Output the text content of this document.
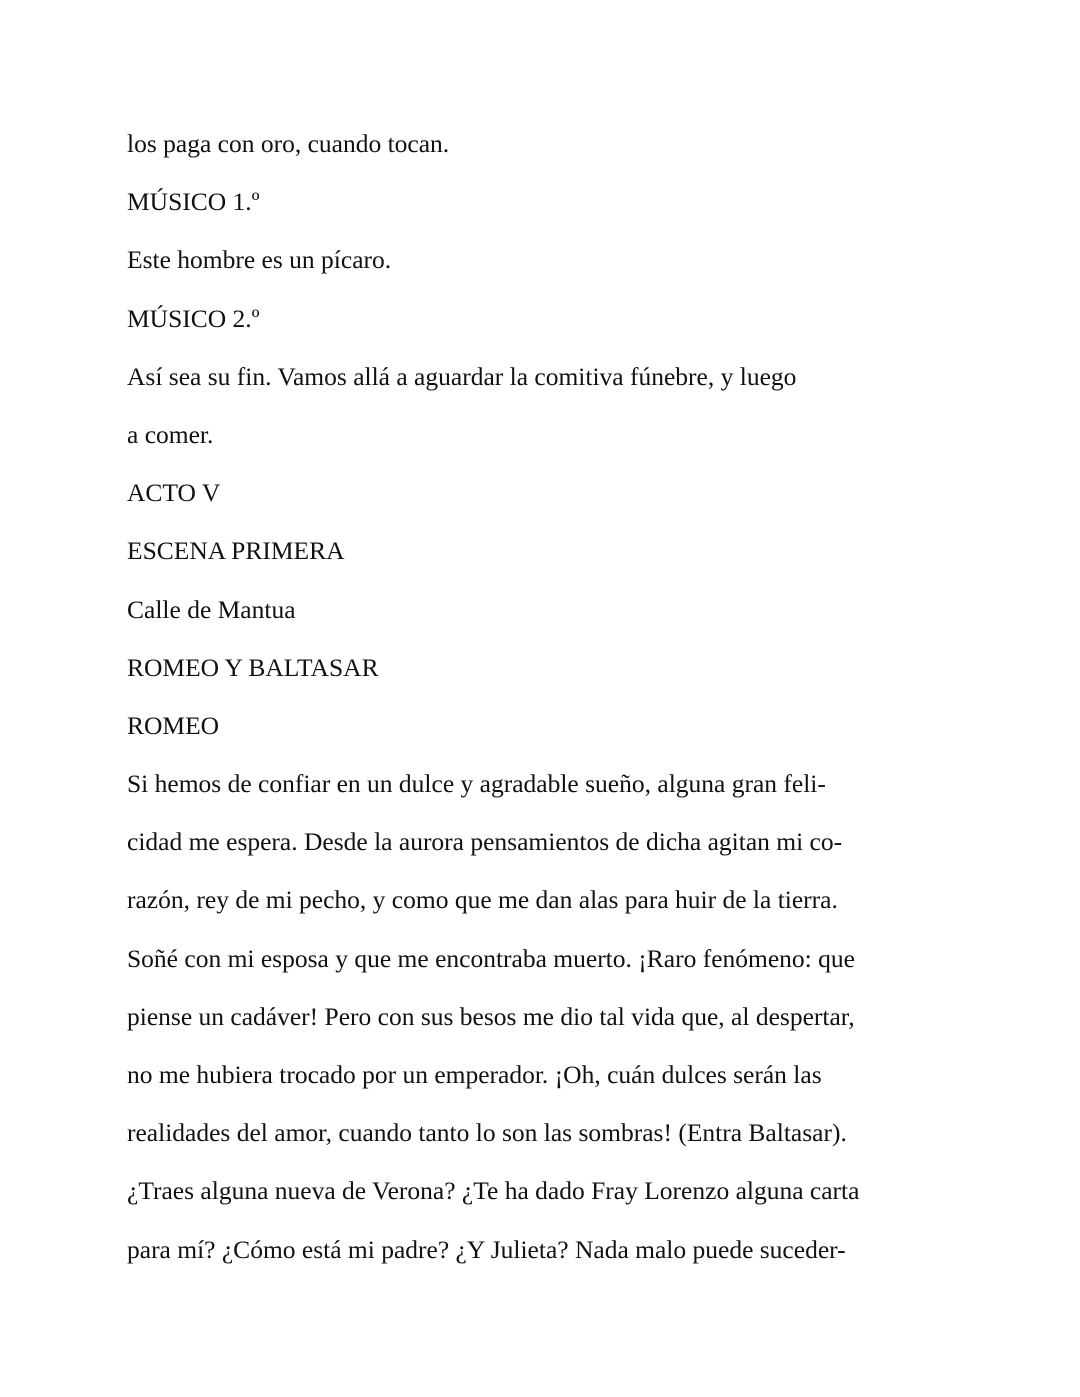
los paga con oro, cuando tocan.
MÚSICO 1.º
Este hombre es un pícaro.
MÚSICO 2.º
Así sea su fin. Vamos allá a aguardar la comitiva fúnebre, y luego
a comer.
ACTO V
ESCENA PRIMERA
Calle de Mantua
ROMEO Y BALTASAR
ROMEO
Si hemos de confiar en un dulce y agradable sueño, alguna gran feli-
cidad me espera. Desde la aurora pensamientos de dicha agitan mi co-
razón, rey de mi pecho, y como que me dan alas para huir de la tierra.
Soñé con mi esposa y que me encontraba muerto. ¡Raro fenómeno: que
piense un cadáver! Pero con sus besos me dio tal vida que, al despertar,
no me hubiera trocado por un emperador. ¡Oh, cuán dulces serán las
realidades del amor, cuando tanto lo son las sombras! (Entra Baltasar).
¿Traes alguna nueva de Verona? ¿Te ha dado Fray Lorenzo alguna carta
para mí? ¿Cómo está mi padre? ¿Y Julieta? Nada malo puede suceder-
